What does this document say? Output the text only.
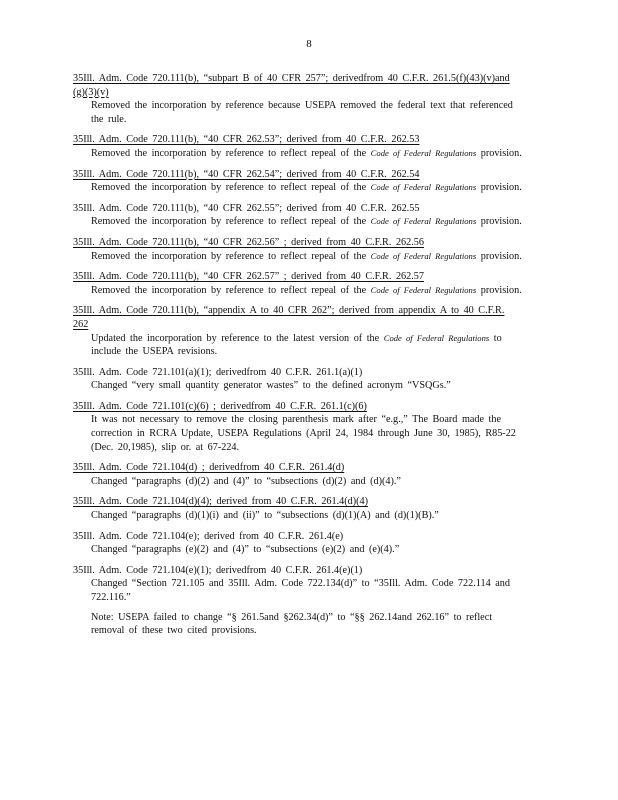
8
35Ill. Adm. Code 720.111(b), “subpart B of 40 CFR 257”; derivedfrom 40 C.F.R. 261.5(f)(43)(v)and (g)(3)(v)
Removed the incorporation by reference because USEPA removed the federal text that referenced the rule.
35Ill. Adm. Code 720.111(b), “40 CFR 262.53”; derived from 40 C.F.R. 262.53
Removed the incorporation by reference to reflect repeal of the Code of Federal Regulations provision.
35Ill. Adm. Code 720.111(b), “40 CFR 262.54”; derived from 40 C.F.R. 262.54
Removed the incorporation by reference to reflect repeal of the Code of Federal Regulations provision.
35Ill. Adm. Code 720.111(b), “40 CFR 262.55”; derived from 40 C.F.R. 262.55
Removed the incorporation by reference to reflect repeal of the Code of Federal Regulations provision.
35Ill. Adm. Code 720.111(b), “40 CFR 262.56” ; derived from 40 C.F.R. 262.56
Removed the incorporation by reference to reflect repeal of the Code of Federal Regulations provision.
35Ill. Adm. Code 720.111(b), “40 CFR 262.57” ; derived from 40 C.F.R. 262.57
Removed the incorporation by reference to reflect repeal of the Code of Federal Regulations provision.
35Ill. Adm. Code 720.111(b), “appendix A to 40 CFR 262”; derived from appendix A to 40 C.F.R. 262
Updated the incorporation by reference to the latest version of the Code of Federal Regulations to include the USEPA revisions.
35Ill. Adm. Code 721.101(a)(1); derivedfrom 40 C.F.R. 261.1(a)(1)
Changed “very small quantity generator wastes” to the defined acronym “VSQGs.”
35Ill. Adm. Code 721.101(c)(6) ; derivedfrom 40 C.F.R. 261.1(c)(6)
It was not necessary to remove the closing parenthesis mark after “e.g.,” The Board made the correction in RCRA Update, USEPA Regulations (April 24, 1984 through June 30, 1985), R85-22 (Dec. 20,1985), slip or. at 67-224.
35Ill. Adm. Code 721.104(d) ; derivedfrom 40 C.F.R. 261.4(d)
Changed “paragraphs (d)(2) and (4)” to “subsections (d)(2) and (d)(4).”
35Ill. Adm. Code 721.104(d)(4); derived from 40 C.F.R. 261.4(d)(4)
Changed “paragraphs (d)(1)(i) and (ii)” to “subsections (d)(1)(A) and (d)(1)(B).”
35Ill. Adm. Code 721.104(e); derived from 40 C.F.R. 261.4(e)
Changed “paragraphs (e)(2) and (4)” to “subsections (e)(2) and (e)(4).”
35Ill. Adm. Code 721.104(e)(1); derivedfrom 40 C.F.R. 261.4(e)(1)
Changed “Section 721.105 and 35Ill. Adm. Code 722.134(d)” to “35Ill. Adm. Code 722.114 and 722.116.”
Note: USEPA failed to change “§ 261.5and §262.34(d)” to “§§ 262.14and 262.16” to reflect removal of these two cited provisions.
